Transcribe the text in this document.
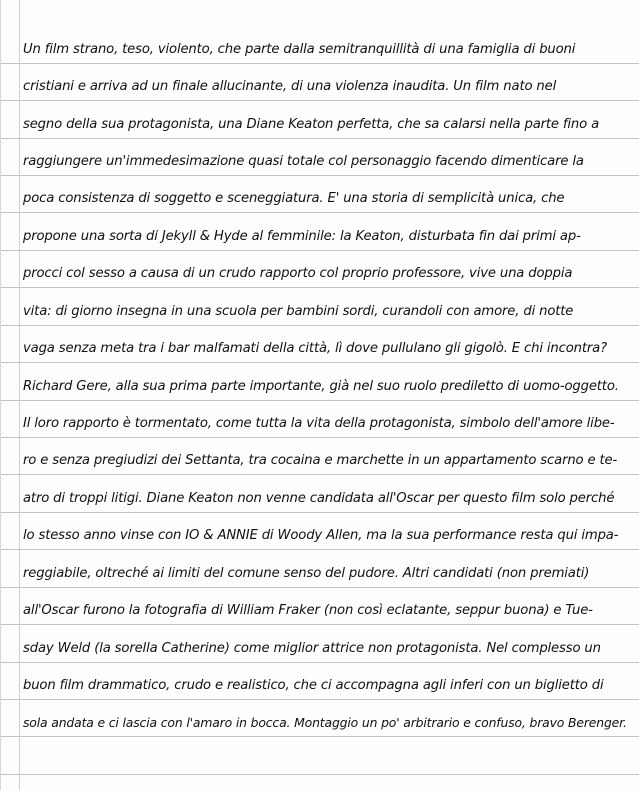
Un film strano, teso, violento, che parte dalla semitranquillità di una famiglia di buoni
cristiani e arriva ad un finale allucinante, di una violenza inaudita. Un film nato nel
segno della sua protagonista, una Diane Keaton perfetta, che sa calarsi nella parte fino a
raggiungere un'immedesimazione quasi totale col personaggio facendo dimenticare la
poca consistenza di soggetto e sceneggiatura. E' una storia di semplicità unica, che
propone una sorta di Jekyll & Hyde al femminile: la Keaton, disturbata fin dai primi ap-
procci col sesso a causa di un crudo rapporto col proprio professore, vive una doppia
vita: di giorno insegna in una scuola per bambini sordi, curandoli con amore, di notte
vaga senza meta tra i bar malfamati della città, lì dove pullulano gli gigolò. E chi incontra?
Richard Gere, alla sua prima parte importante, già nel suo ruolo prediletto di uomo-oggetto.
Il loro rapporto è tormentato, come tutta la vita della protagonista, simbolo dell'amore libe-
ro e senza pregiudizi dei Settanta, tra cocaina e marchette in un appartamento scarno e te-
atro di troppi litigi. Diane Keaton non venne candidata all'Oscar per questo film solo perché
lo stesso anno vinse con IO & ANNIE di Woody Allen, ma la sua performance resta qui impa-
reggiabile, oltreché ai limiti del comune senso del pudore. Altri candidati (non premiati)
all'Oscar furono la fotografia di William Fraker (non così eclatante, seppur buona) e Tue-
sday Weld (la sorella Catherine) come miglior attrice non protagonista. Nel complesso un
buon film drammatico, crudo e realistico, che ci accompagna agli inferi con un biglietto di
sola andata e ci lascia con l'amaro in bocca. Montaggio un po' arbitrario e confuso, bravo Berenger.
